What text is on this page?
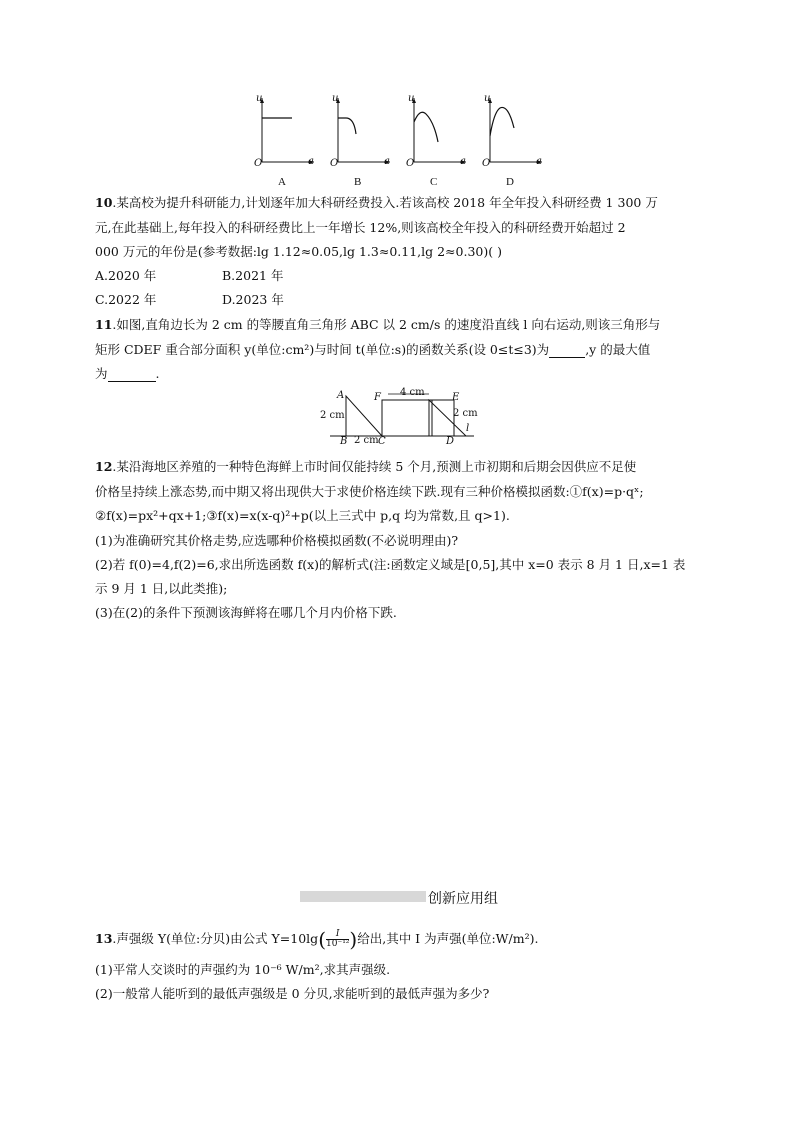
u
O	a
u
O	a
u
O	a
u
O	a
A	B	C	D
10.某高校为提升科研能力,计划逐年加大科研经费投入.若该高校 2018 年全年投入科研经费 1 300 万
元,在此基础上,每年投入的科研经费比上一年增长 12%,则该高校全年投入的科研经费开始超过 2
000 万元的年份是(参考数据:lg 1.12≈0.05,lg 1.3≈0.11,lg 2≈0.30)( )
A.2020 年	B.2021 年
C.2022 年	D.2023 年
11.如图,直角边长为 2 cm 的等腰直角三角形 ABC 以 2 cm/s 的速度沿直线 l 向右运动,则该三角形与
矩形 CDEF 重合部分面积 y(单位:cm²)与时间 t(单位:s)的函数关系(设 0≤t≤3)为	,y 的最大值
为	.
A
2 cm
B 2 cm C
F 4 cm	E
2 cm
l
D
12.某沿海地区养殖的一种特色海鲜上市时间仅能持续 5 个月,预测上市初期和后期会因供应不足使
价格呈持续上涨态势,而中期又将出现供大于求使价格连续下跌.现有三种价格模拟函数:①f(x)=p·qˣ;
②f(x)=px²+qx+1;③f(x)=x(x-q)²+p(以上三式中 p,q 均为常数,且 q>1).
(1)为准确研究其价格走势,应选哪种价格模拟函数(不必说明理由)?
(2)若 f(0)=4,f(2)=6,求出所选函数 f(x)的解析式(注:函数定义域是[0,5],其中 x=0 表示 8 月 1 日,x=1 表
示 9 月 1 日,以此类推);
(3)在(2)的条件下预测该海鲜将在哪几个月内价格下跌.
创新应用组
13.声强级 Y(单位:分贝)由公式 $Y=10\lg( \frac{\text{𝐼}}{\text{10⁻¹²}}$ )给出,其中 I 为声强(单位:W/m²).
(1)平常人交谈时的声强约为 10⁻⁶ W/m²,求其声强级.
(2)一般常人能听到的最低声强级是 0 分贝,求能听到的最低声强为多少?
